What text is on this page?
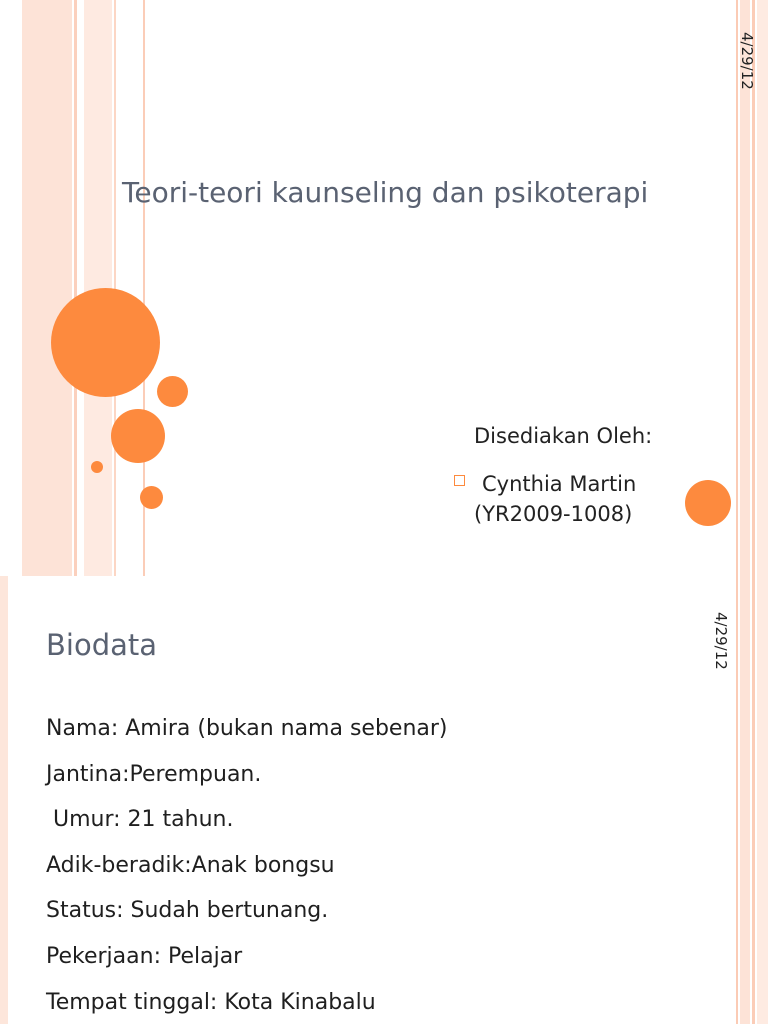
4/29/12
Teori-teori kaunseling dan psikoterapi
Disediakan Oleh:
Cynthia Martin
(YR2009-1008)
4/29/12
Biodata
Nama: Amira (bukan nama sebenar)
Jantina:Perempuan.
Umur: 21 tahun.
Adik-beradik:Anak bongsu
Status: Sudah bertunang.
Pekerjaan: Pelajar
Tempat tinggal: Kota Kinabalu
